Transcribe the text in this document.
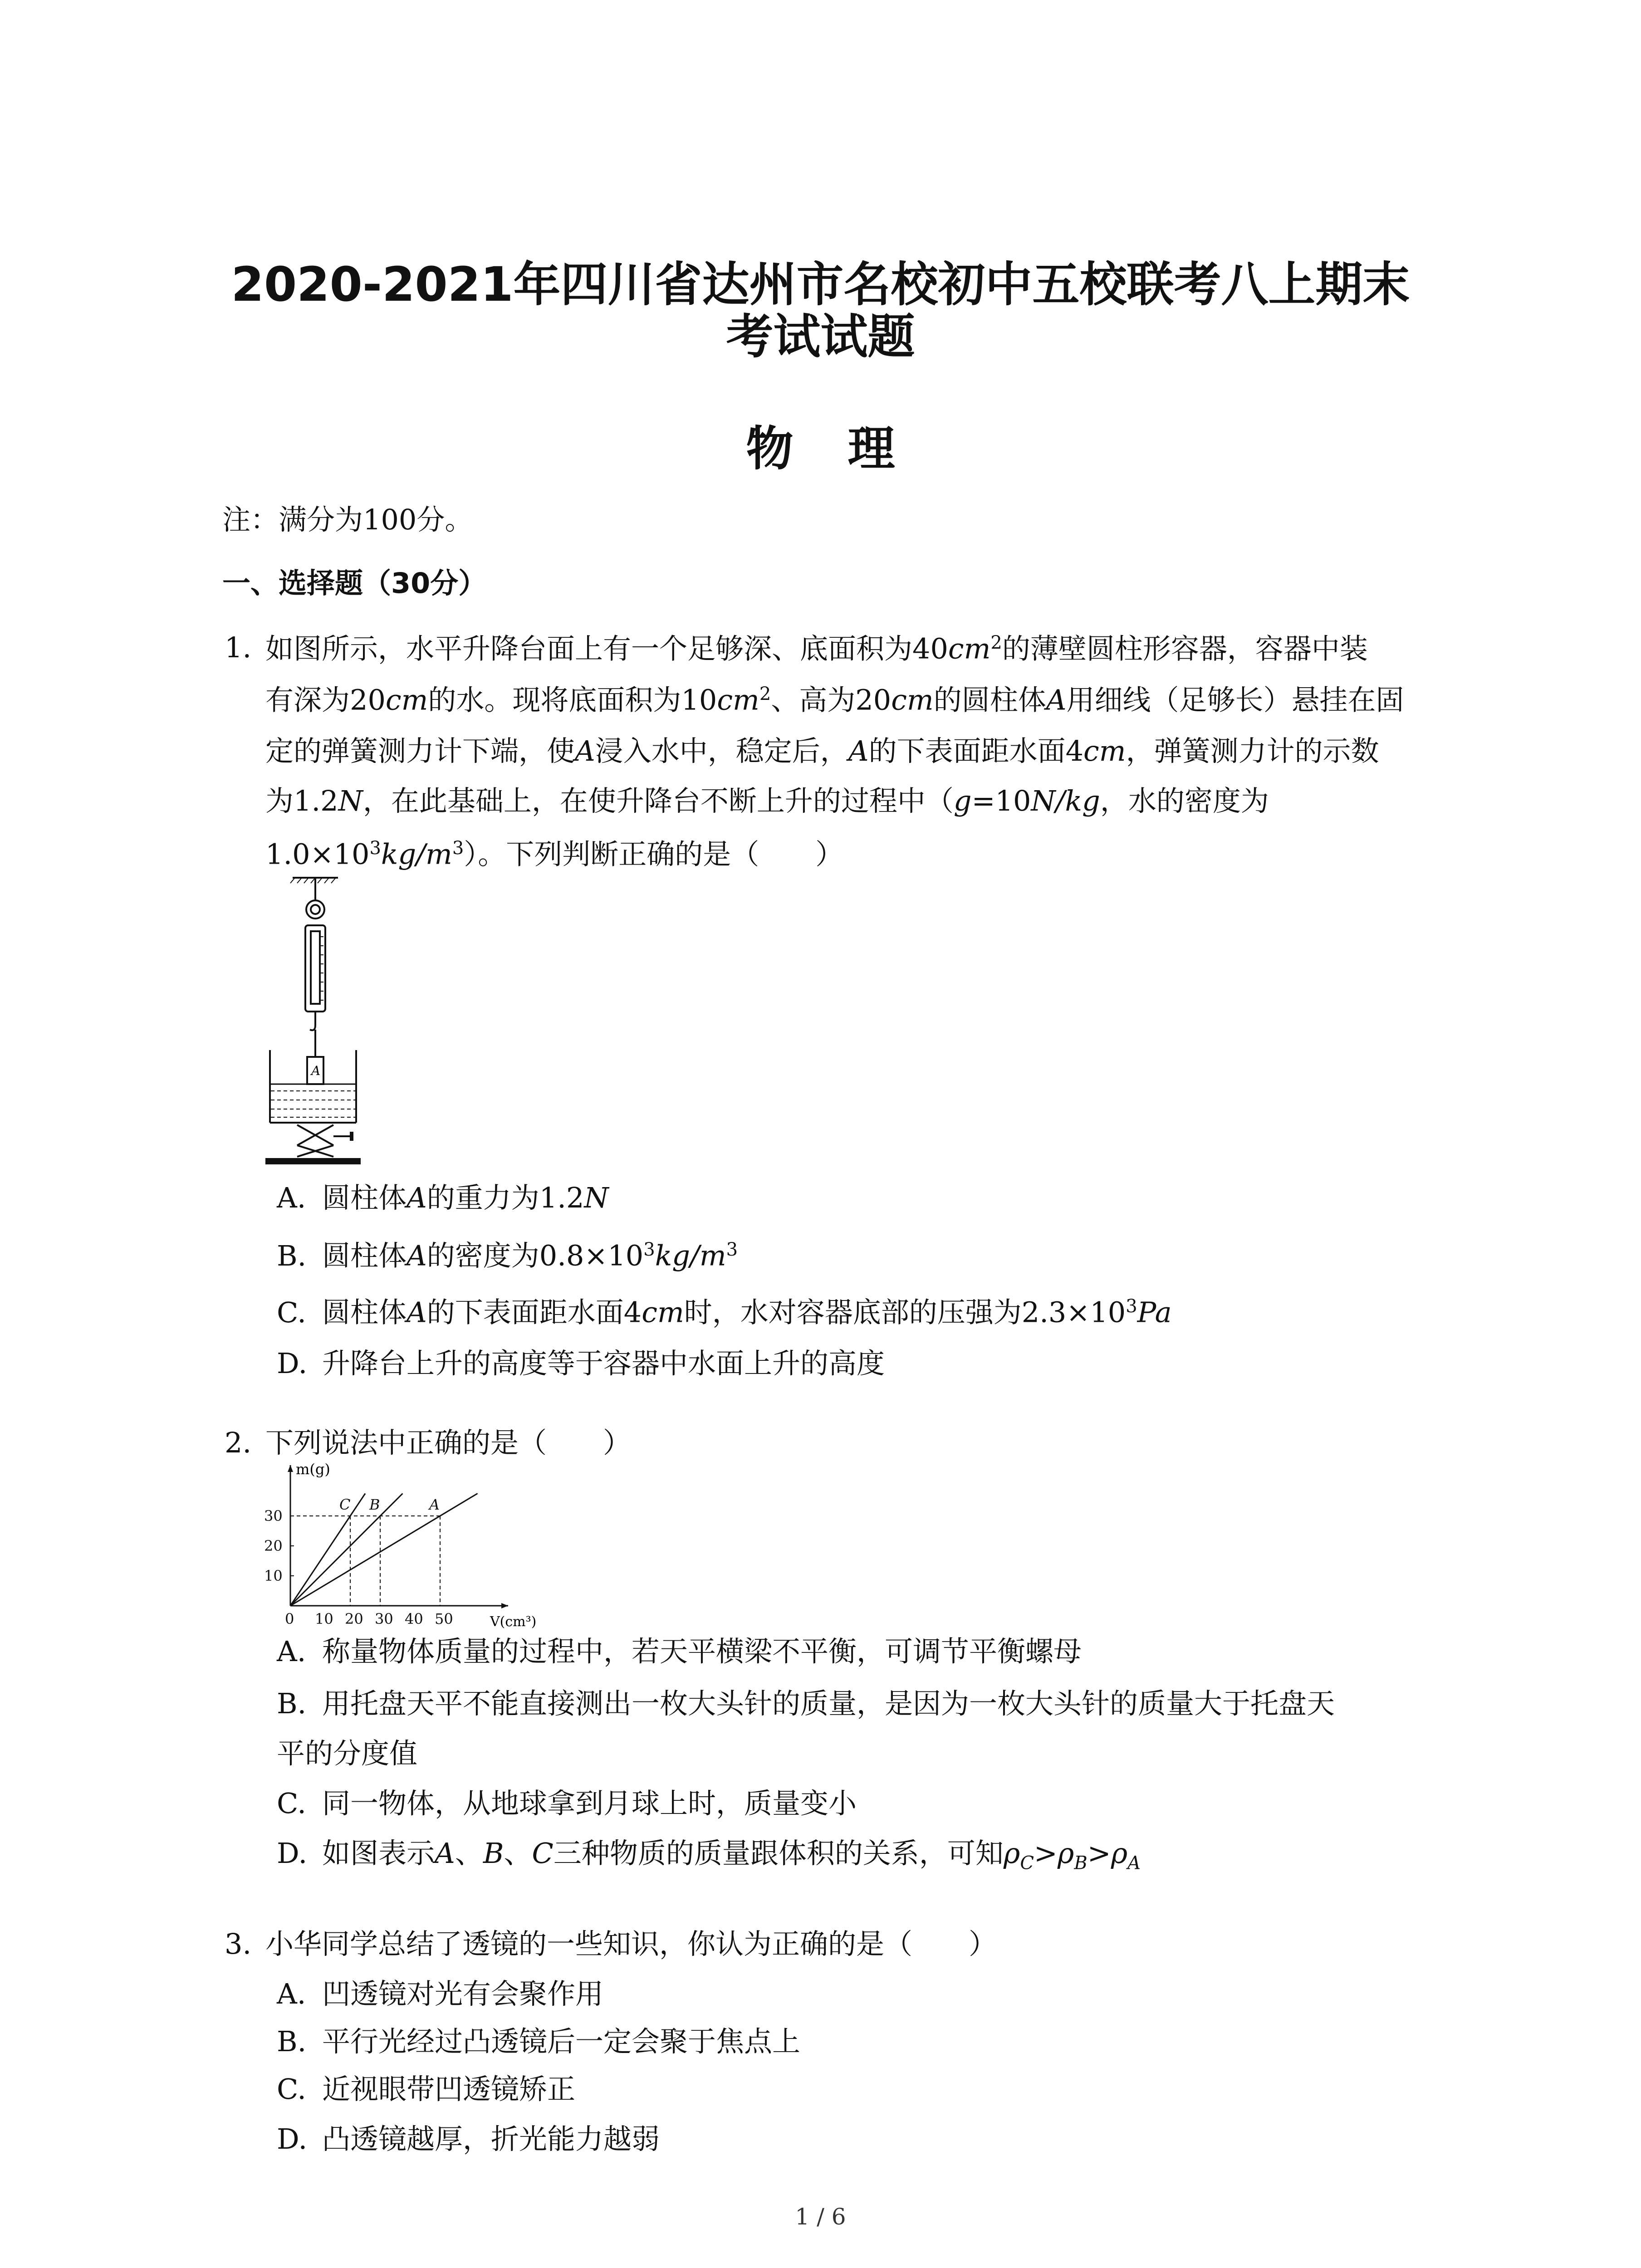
2020-2021年四川省达州市名校初中五校联考八上期末
考试试题
物 理
注：满分为100分。
一、选择题（30分）
1. 如图所示，水平升降台面上有一个足够深、底面积为$40cm^2$的薄壁圆柱形容器，容器中装
有深为20cm的水。现将底面积为$10cm^2$、高为20cm的圆柱体A用细线（足够长）悬挂在固
定的弹簧测力计下端，使A浸入水中，稳定后，A的下表面距水面4cm，弹簧测力计的示数
为1.2N，在此基础上，在使升降台不断上升的过程中（g=10N/kg，水的密度为
$1.0\times 10^3kg/m^3$）。下列判断正确的是（　　）
A
A. 圆柱体A的重力为1.2N
B. 圆柱体A的密度为$0.8\times 10^3kg/m^3$
C. 圆柱体A的下表面距水面4cm时，水对容器底部的压强为$2.3\times 10^3Pa$
D. 升降台上升的高度等于容器中水面上升的高度
2. 下列说法中正确的是（　　）
0 10 20 30 40 50
10
20
30
C B	A
m(g)
V(cm³)
A. 称量物体质量的过程中，若天平横梁不平衡，可调节平衡螺母
B. 用托盘天平不能直接测出一枚大头针的质量，是因为一枚大头针的质量大于托盘天
平的分度值
C. 同一物体，从地球拿到月球上时，质量变小
D. 如图表示A、B、C三种物质的质量跟体积的关系，可知$\rho_C>\rho_B>\rho_A$
3. 小华同学总结了透镜的一些知识，你认为正确的是（　　）
A. 凹透镜对光有会聚作用
B. 平行光经过凸透镜后一定会聚于焦点上
C. 近视眼带凹透镜矫正
D. 凸透镜越厚，折光能力越弱
1 / 6
